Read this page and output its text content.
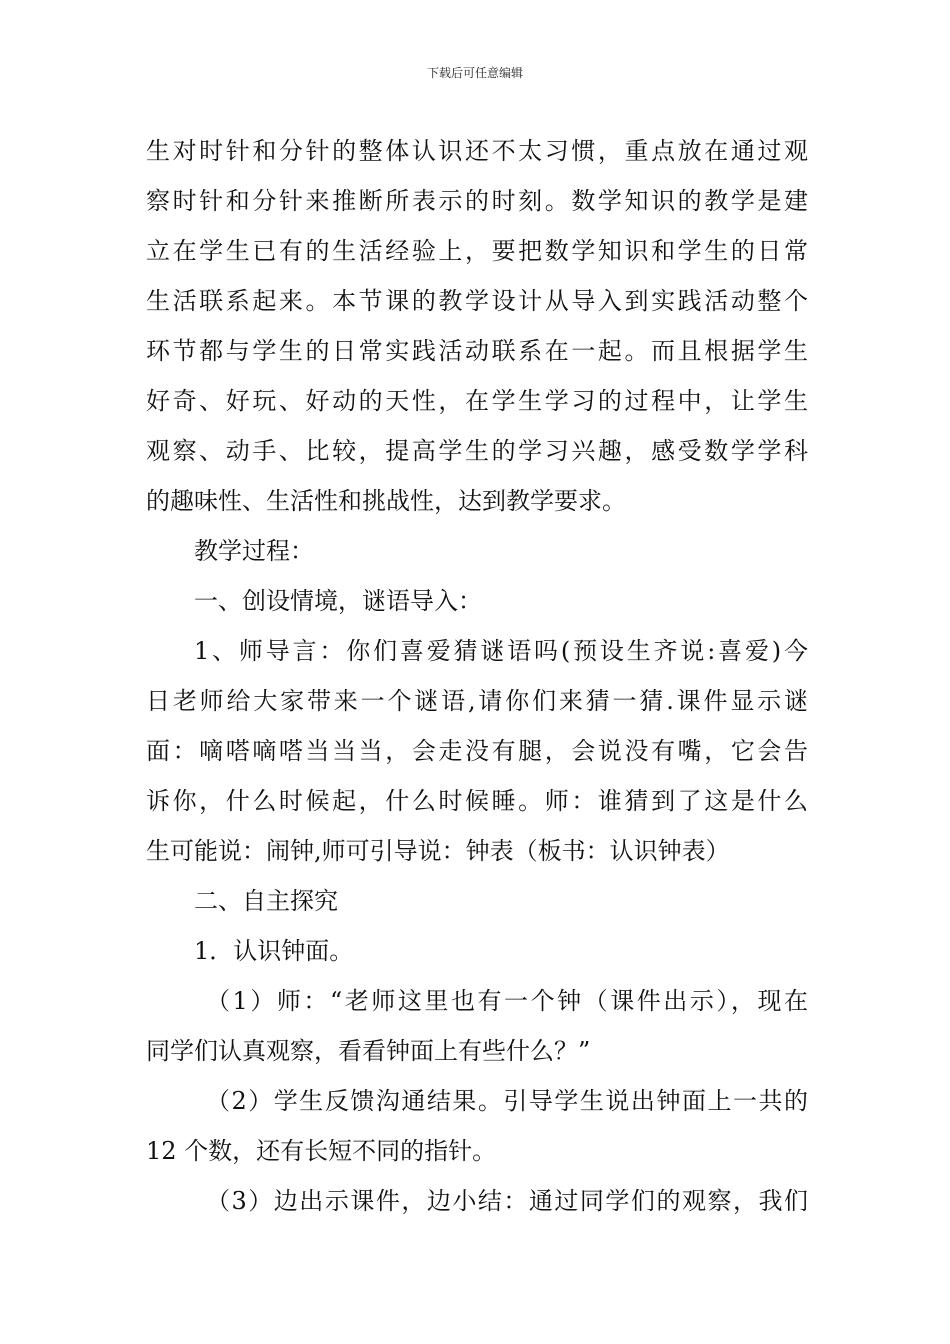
下载后可任意编辑
生对时针和分针的整体认识还不太习惯，重点放在通过观
察时针和分针来推断所表示的时刻。数学知识的教学是建
立在学生已有的生活经验上，要把数学知识和学生的日常
生活联系起来。本节课的教学设计从导入到实践活动整个
环节都与学生的日常实践活动联系在一起。而且根据学生
好奇、好玩、好动的天性，在学生学习的过程中，让学生
观察、动手、比较，提高学生的学习兴趣，感受数学学科
的趣味性、生活性和挑战性，达到教学要求。
教学过程：
一、创设情境，谜语导入：
1、师导言：你们喜爱猜谜语吗(预设生齐说:喜爱)今
日老师给大家带来一个谜语,请你们来猜一猜.课件显示谜
面：嘀嗒嘀嗒当当当，会走没有腿，会说没有嘴，它会告
诉你，什么时候起，什么时候睡。师：谁猜到了这是什么
生可能说：闹钟,师可引导说：钟表（板书：认识钟表）
二、自主探究
1．认识钟面。
（1）师：“老师这里也有一个钟（课件出示），现在
同学们认真观察，看看钟面上有些什么？”
（2）学生反馈沟通结果。引导学生说出钟面上一共的
12 个数，还有长短不同的指针。
（3）边出示课件，边小结：通过同学们的观察，我们
